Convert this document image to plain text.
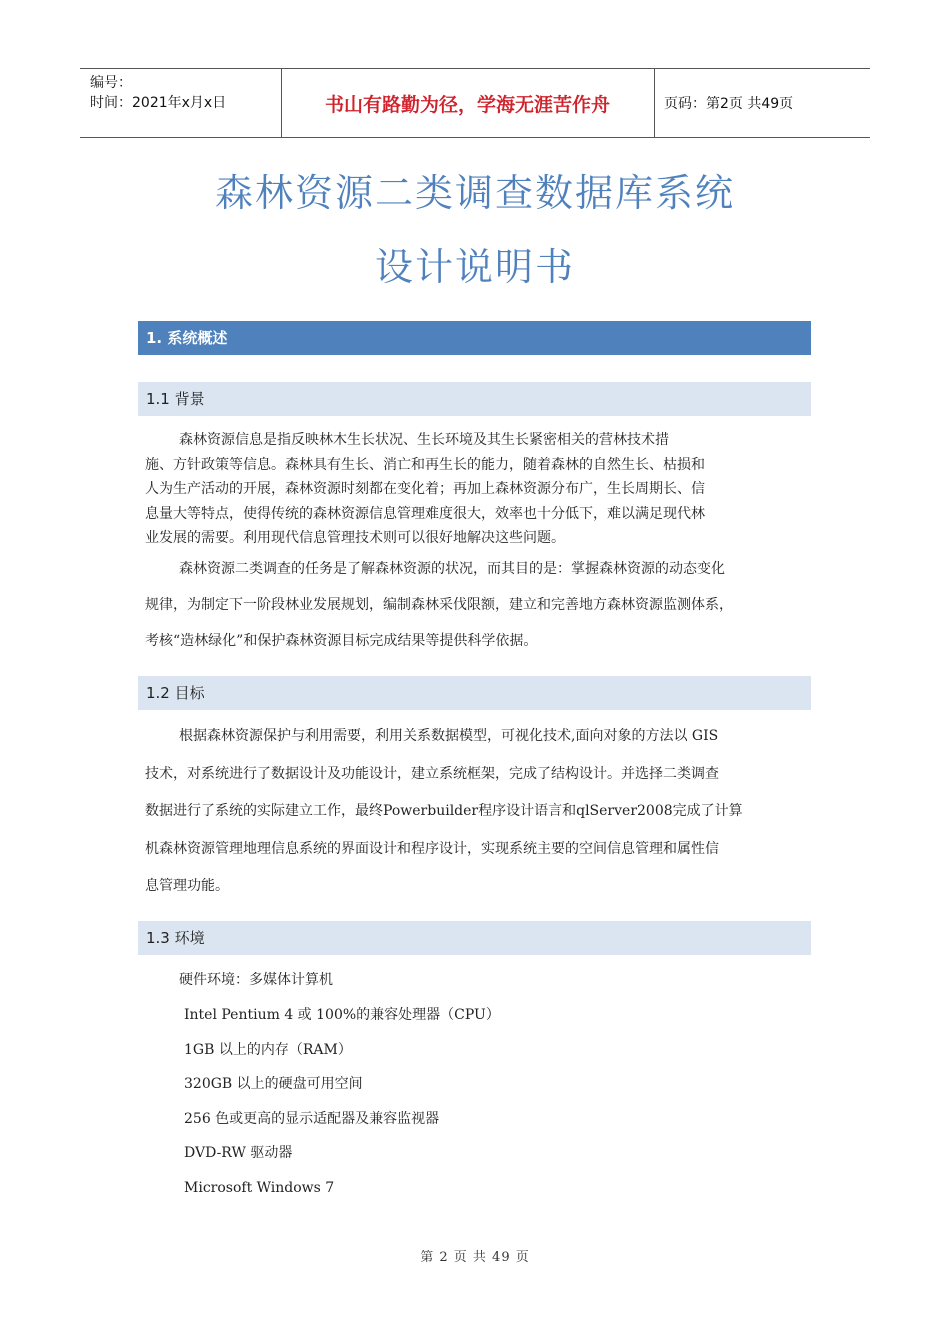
编号：
时间：2021年x月x日	书山有路勤为径，学海无涯苦作舟	页码：第2页 共49页
森林资源二类调查数据库系统
设计说明书
1. 系统概述
1.1 背景
森林资源信息是指反映林木生长状况、生长环境及其生长紧密相关的营林技术措
施、方针政策等信息。森林具有生长、消亡和再生长的能力，随着森林的自然生长、枯损和
人为生产活动的开展，森林资源时刻都在变化着；再加上森林资源分布广，生长周期长、信
息量大等特点，使得传统的森林资源信息管理难度很大，效率也十分低下，难以满足现代林
业发展的需要。利用现代信息管理技术则可以很好地解决这些问题。
森林资源二类调查的任务是了解森林资源的状况，而其目的是：掌握森林资源的动态变化
规律，为制定下一阶段林业发展规划，编制森林采伐限额，建立和完善地方森林资源监测体系，
考核“造林绿化”和保护森林资源目标完成结果等提供科学依据。
1.2 目标
根据森林资源保护与利用需要，利用关系数据模型，可视化技术,面向对象的方法以 GIS
技术，对系统进行了数据设计及功能设计，建立系统框架，完成了结构设计。并选择二类调查
数据进行了系统的实际建立工作，最终Powerbuilder程序设计语言和qlServer2008完成了计算
机森林资源管理地理信息系统的界面设计和程序设计，实现系统主要的空间信息管理和属性信
息管理功能。
1.3 环境
硬件环境：多媒体计算机
Intel Pentium 4 或 100%的兼容处理器（CPU）
1GB 以上的内存（RAM）
320GB 以上的硬盘可用空间
256 色或更高的显示适配器及兼容监视器
DVD-RW 驱动器
Microsoft Windows 7
第 2 页 共 49 页
